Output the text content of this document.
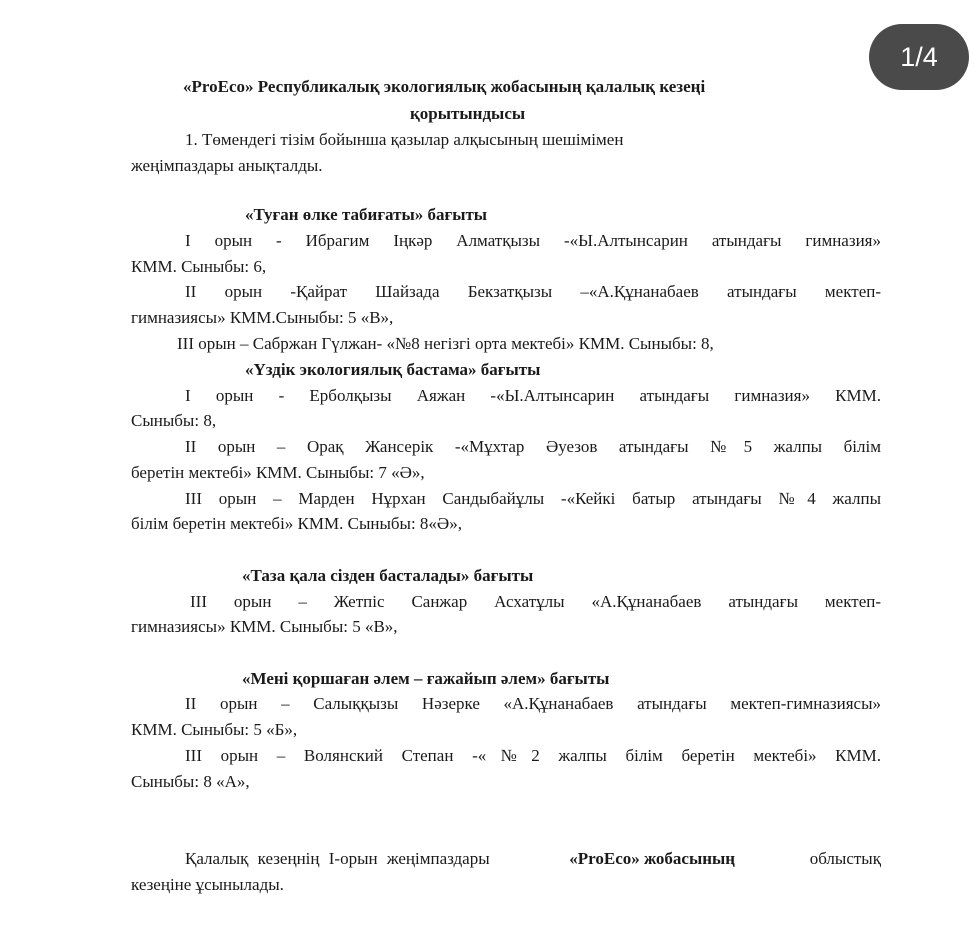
1/4
«ProEco» Республикалық экологиялық жобасының қалалық кезеңі
қорытындысы
1. Төмендегі тізім бойынша қазылар алқысының шешімімен
жеңімпаздары анықталды.
«Туған өлке табиғаты» бағыты
I орын - Ибрагим Іңкәр Алматқызы -«Ы.Алтынсарин атындағы гимназия»
КММ. Сыныбы: 6,
II орын -Қайрат Шайзада Бекзатқызы –«А.Құнанабаев атындағы мектеп-
гимназиясы» КММ.Сыныбы: 5 «В»,
III орын – Сабржан Гүлжан- «№8 негізгі орта мектебі» КММ. Сыныбы: 8,
«Үздік экологиялық бастама» бағыты
I орын - Ерболқызы Аяжан -«Ы.Алтынсарин атындағы гимназия» КММ.
Сыныбы: 8,
II орын – Орақ Жансерік -«Мұхтар Әуезов атындағы №5 жалпы білім
беретін мектебі» КММ. Сыныбы: 7 «Ә»,
III орын – Марден Нұрхан Сандыбайұлы -«Кейкі батыр атындағы №4 жалпы
білім беретін мектебі» КММ. Сыныбы: 8«Ә»,
«Таза қала сізден басталады» бағыты
III орын – Жетпіс Санжар Асхатұлы «А.Құнанабаев атындағы мектеп-
гимназиясы» КММ. Сыныбы: 5 «В»,
«Мені қоршаған әлем – ғажайып әлем» бағыты
II орын – Салыққызы Нәзерке «А.Құнанабаев атындағы мектеп-гимназиясы»
КММ. Сыныбы: 5 «Б»,
III орын – Волянский Степан -«№2 жалпы білім беретін мектебі» КММ.
Сыныбы: 8 «А»,
Қалалық кезеңнің I-орын жеңімпаздары	«ProEco» жобасының	облыстық
кезеңіне ұсынылады.
